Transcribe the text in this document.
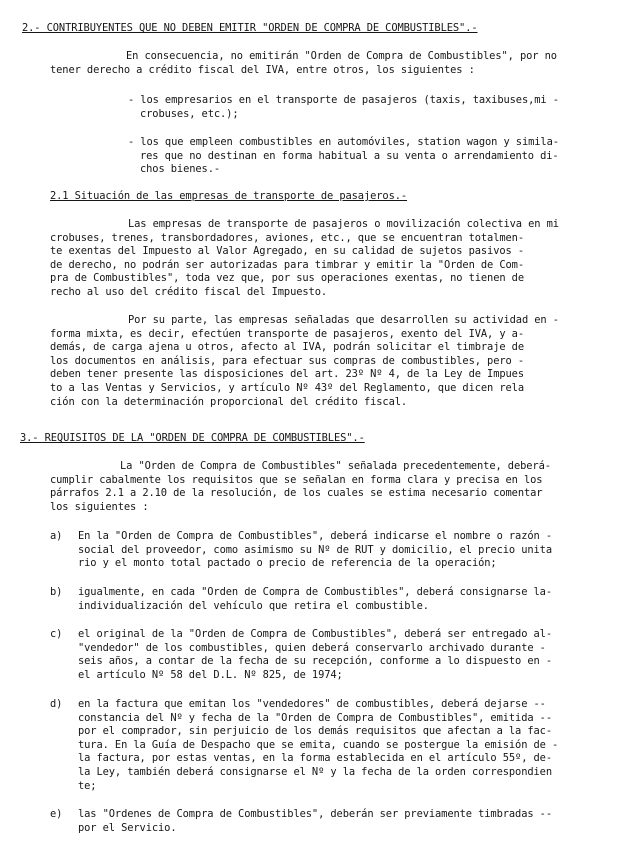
2.- CONTRIBUYENTES QUE NO DEBEN EMITIR "ORDEN DE COMPRA DE COMBUSTIBLES".-
En consecuencia, no emitirán "Orden de Compra de Combustibles", por no
tener derecho a crédito fiscal del IVA, entre otros, los siguientes :
- los empresarios en el transporte de pasajeros (taxis, taxibuses,mi -
crobuses, etc.);
- los que empleen combustibles en automóviles, station wagon y simila-
res que no destinan en forma habitual a su venta o arrendamiento di-
chos bienes.-
2.1 Situación de las empresas de transporte de pasajeros.-
Las empresas de transporte de pasajeros o movilización colectiva en mi
crobuses, trenes, transbordadores, aviones, etc., que se encuentran totalmen-
te exentas del Impuesto al Valor Agregado, en su calidad de sujetos pasivos -
de derecho, no podrán ser autorizadas para timbrar y emitir la "Orden de Com-
pra de Combustibles", toda vez que, por sus operaciones exentas, no tienen de
recho al uso del crédito fiscal del Impuesto.
Por su parte, las empresas señaladas que desarrollen su actividad en -
forma mixta, es decir, efectúen transporte de pasajeros, exento del IVA, y a-
demás, de carga ajena u otros, afecto al IVA, podrán solicitar el timbraje de
los documentos en análisis, para efectuar sus compras de combustibles, pero -
deben tener presente las disposiciones del art. 23º Nº 4, de la Ley de Impues
to a las Ventas y Servicios, y artículo Nº 43º del Reglamento, que dicen rela
ción con la determinación proporcional del crédito fiscal.
3.- REQUISITOS DE LA "ORDEN DE COMPRA DE COMBUSTIBLES".-
La "Orden de Compra de Combustibles" señalada precedentemente, deberá-
cumplir cabalmente los requisitos que se señalan en forma clara y precisa en los
párrafos 2.1 a 2.10 de la resolución, de los cuales se estima necesario comentar
los siguientes :
a) En la "Orden de Compra de Combustibles", deberá indicarse el nombre o razón -
social del proveedor, como asimismo su Nº de RUT y domicilio, el precio unita
rio y el monto total pactado o precio de referencia de la operación;
b) igualmente, en cada "Orden de Compra de Combustibles", deberá consignarse la-
individualización del vehículo que retira el combustible.
c) el original de la "Orden de Compra de Combustibles", deberá ser entregado al-
"vendedor" de los combustibles, quien deberá conservarlo archivado durante -
seis años, a contar de la fecha de su recepción, conforme a lo dispuesto en -
el artículo Nº 58 del D.L. Nº 825, de 1974;
d) en la factura que emitan los "vendedores" de combustibles, deberá dejarse --
constancia del Nº y fecha de la "Orden de Compra de Combustibles", emitida --
por el comprador, sin perjuicio de los demás requisitos que afectan a la fac-
tura. En la Guía de Despacho que se emita, cuando se postergue la emisión de -
la factura, por estas ventas, en la forma establecida en el artículo 55º, de-
la Ley, también deberá consignarse el Nº y la fecha de la orden correspondien
te;
e) las "Ordenes de Compra de Combustibles", deberán ser previamente timbradas --
por el Servicio.
